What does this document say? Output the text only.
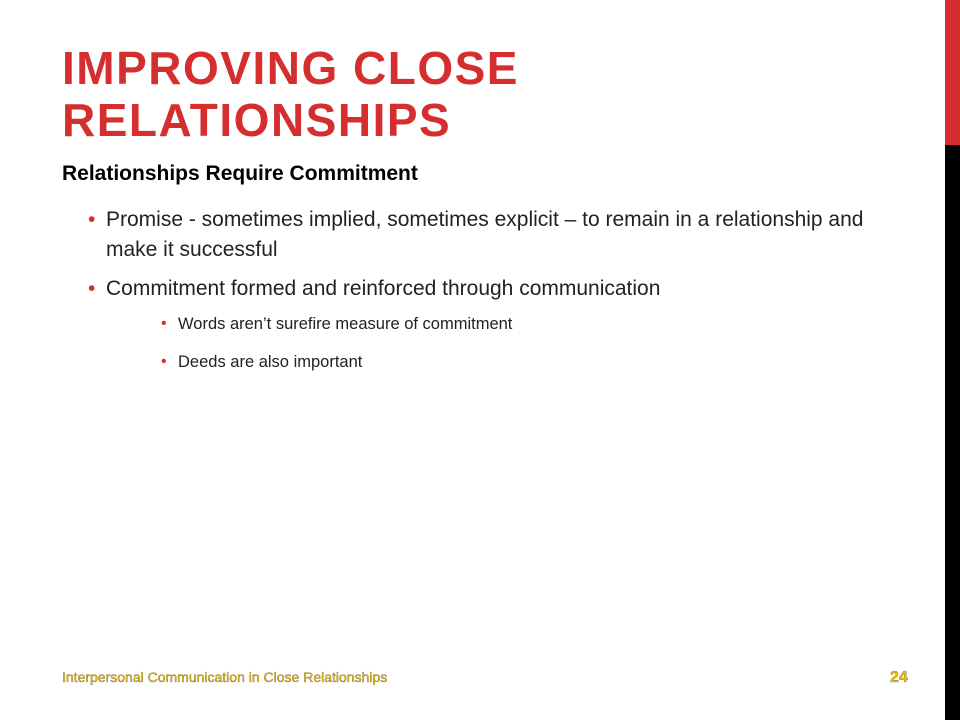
IMPROVING CLOSE RELATIONSHIPS
Relationships Require Commitment
• Promise - sometimes implied, sometimes explicit – to remain in a relationship and make it successful
• Commitment formed and reinforced through communication
• Words aren’t surefire measure of commitment
• Deeds are also important
Interpersonal Communication in Close Relationships	24
